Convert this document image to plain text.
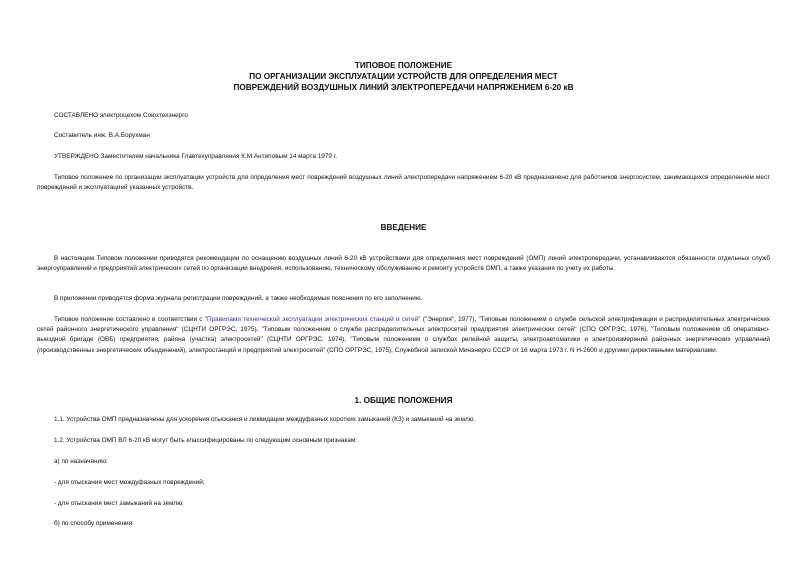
ТИПОВОЕ ПОЛОЖЕНИЕ
ПО ОРГАНИЗАЦИИ ЭКСПЛУАТАЦИИ УСТРОЙСТВ ДЛЯ ОПРЕДЕЛЕНИЯ МЕСТ
ПОВРЕЖДЕНИЙ ВОЗДУШНЫХ ЛИНИЙ ЭЛЕКТРОПЕРЕДАЧИ НАПРЯЖЕНИЕМ 6-20 кВ
СОСТАВЛЕНО электроцехом Союзтехэнерго
Составитель инж. В.А.Борухман
УТВЕРЖДЕНО Заместителем начальника Главтехуправления К.М.Антиповым 14 марта 1979 г.
Типовое положение по организации эксплуатации устройств для определения мест повреждений воздушных линий электропередачи напряжением 6-20 кВ предназначено для работников энергосистем, занимающихся определением мест повреждений и эксплуатацией указанных устройств.
ВВЕДЕНИЕ
В настоящем Типовом положении приводятся рекомендации по оснащению воздушных линий 6-20 кВ устройствами для определения мест повреждений (ОМП) линий электропередачи, устанавливаются обязанности отдельных служб энергоуправлений и предприятий электрических сетей по организации внедрения, использованию, техническому обслуживанию и ремонту устройств ОМП, а также указания по учету их работы.
В приложении приводятся форма журнала регистрации повреждений, а также необходимые пояснения по его заполнению.
Типовое положение составлено в соответствии с "Правилами технической эксплуатации электрических станций и сетей" ("Энергия", 1977), "Типовым положением о службе сельской электрификации и распределительных электрических сетей районного энергетического управления" (СЦНТИ ОРГРЭС, 1975), "Типовым положением о службе распределительных электросетей предприятия электрических сетей" (СПО ОРГРЭС, 1976), "Типовым положением об оперативно-выездной бригаде (ОВБ) предприятия, района (участка) электросетей" (СЦНТИ ОРГРЭС, 1974), "Типовым положением о службах релейной защиты, электроавтоматики и электроизмерений районных энергетических управлений (производственных энергетических объединений), электростанций и предприятий электросетей" (СПО ОРГРЭС, 1975), Служебной запиской Минэнерго СССР от 16 марта 1973 г. N Н-2600 и другими директивными материалами.
1. ОБЩИЕ ПОЛОЖЕНИЯ
1.1. Устройства ОМП предназначены для ускорения отыскания и ликвидации междуфазных коротких замыканий (КЗ) и замыканий на землю.
1.2. Устройства ОМП ВЛ 6-20 кВ могут быть классифицированы по следующим основным признакам:
а) по назначению:
- для отыскания мест междуфазных повреждений;
- для отыскания мест замыканий на землю;
б) по способу применения:
